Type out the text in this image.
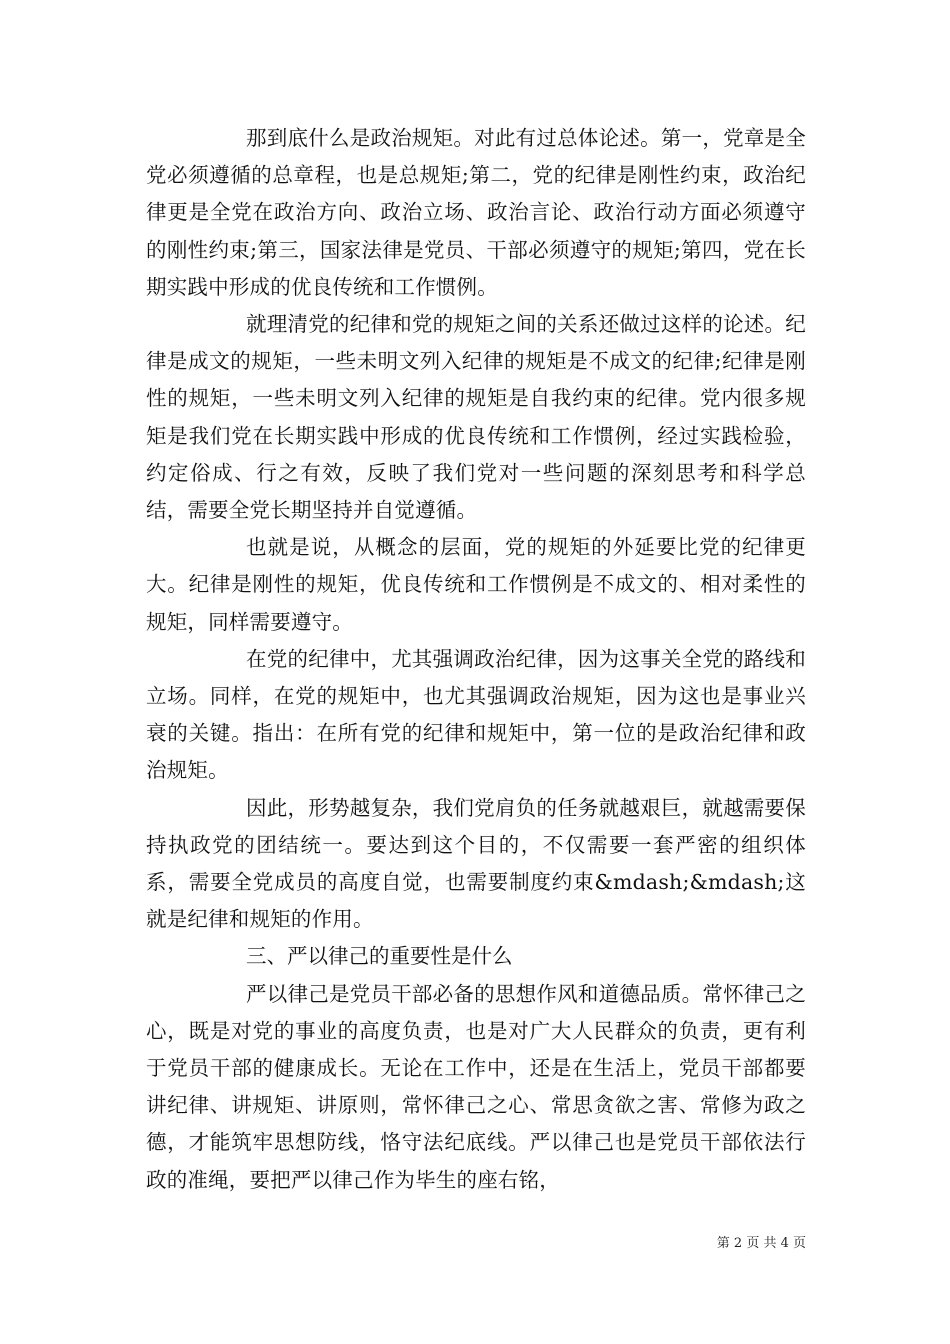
那到底什么是政治规矩。对此有过总体论述。第一，党章是全党必须遵循的总章程，也是总规矩;第二，党的纪律是刚性约束，政治纪律更是全党在政治方向、政治立场、政治言论、政治行动方面必须遵守的刚性约束;第三，国家法律是党员、干部必须遵守的规矩;第四，党在长期实践中形成的优良传统和工作惯例。

就理清党的纪律和党的规矩之间的关系还做过这样的论述。纪律是成文的规矩，一些未明文列入纪律的规矩是不成文的纪律;纪律是刚性的规矩，一些未明文列入纪律的规矩是自我约束的纪律。党内很多规矩是我们党在长期实践中形成的优良传统和工作惯例，经过实践检验，约定俗成、行之有效，反映了我们党对一些问题的深刻思考和科学总结，需要全党长期坚持并自觉遵循。

也就是说，从概念的层面，党的规矩的外延要比党的纪律更大。纪律是刚性的规矩，优良传统和工作惯例是不成文的、相对柔性的规矩，同样需要遵守。

在党的纪律中，尤其强调政治纪律，因为这事关全党的路线和立场。同样，在党的规矩中，也尤其强调政治规矩，因为这也是事业兴衰的关键。指出：在所有党的纪律和规矩中，第一位的是政治纪律和政治规矩。

因此，形势越复杂，我们党肩负的任务就越艰巨，就越需要保持执政党的团结统一。要达到这个目的，不仅需要一套严密的组织体系，需要全党成员的高度自觉，也需要制度约束&mdash;&mdash;这就是纪律和规矩的作用。

三、严以律己的重要性是什么

严以律己是党员干部必备的思想作风和道德品质。常怀律己之心，既是对党的事业的高度负责，也是对广大人民群众的负责，更有利于党员干部的健康成长。无论在工作中，还是在生活上，党员干部都要讲纪律、讲规矩、讲原则，常怀律己之心、常思贪欲之害、常修为政之德，才能筑牢思想防线，恪守法纪底线。严以律己也是党员干部依法行政的准绳，要把严以律己作为毕生的座右铭，

第 2 页 共 4 页
